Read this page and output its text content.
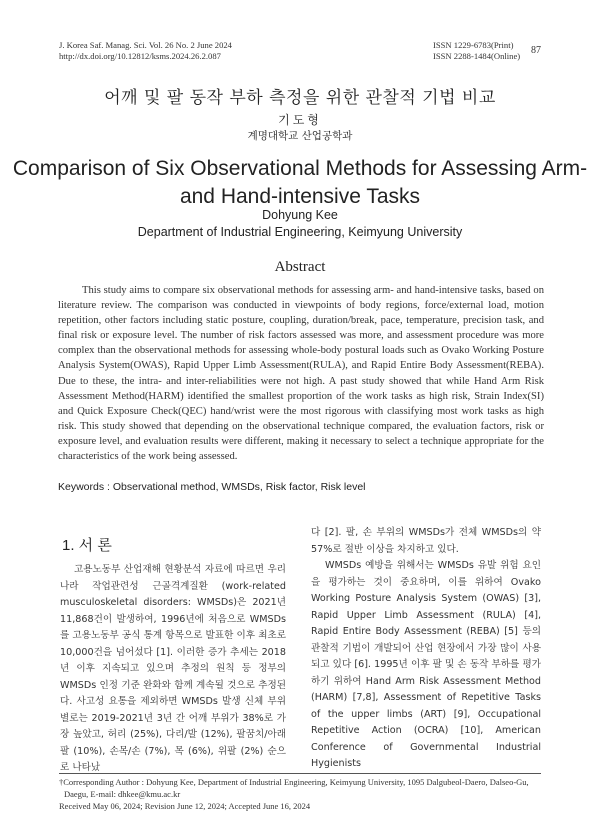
J. Korea Saf. Manag. Sci. Vol. 26 No. 2 June 2024
http://dx.doi.org/10.12812/ksms.2024.26.2.087
ISSN 1229-6783(Print)
ISSN 2288-1484(Online) 87
어깨 및 팔 동작 부하 측정을 위한 관찰적 기법 비교
기도형
계명대학교 산업공학과
Comparison of Six Observational Methods for Assessing Arm-
and Hand-intensive Tasks
Dohyung Kee
Department of Industrial Engineering, Keimyung University
Abstract
This study aims to compare six observational methods for assessing arm- and hand-intensive tasks, based on literature review. The comparison was conducted in viewpoints of body regions, force/external load, motion repetition, other factors including static posture, coupling, duration/break, pace, temperature, precision task, and final risk or exposure level. The number of risk factors assessed was more, and assessment procedure was more complex than the observational methods for assessing whole-body postural loads such as Ovako Working Posture Analysis System(OWAS), Rapid Upper Limb Assessment(RULA), and Rapid Entire Body Assessment(REBA). Due to these, the intra- and inter-reliabilities were not high. A past study showed that while Hand Arm Risk Assessment Method(HARM) identified the smallest proportion of the work tasks as high risk, Strain Index(SI) and Quick Exposure Check(QEC) hand/wrist were the most rigorous with classifying most work tasks as high risk. This study showed that depending on the observational technique compared, the evaluation factors, risk or exposure level, and evaluation results were different, making it necessary to select a technique appropriate for the characteristics of the work being assessed.
Keywords : Observational method, WMSDs, Risk factor, Risk level
1. 서 론

고용노동부 산업재해 현황분석 자료에 따르면 우리나라 작업관련성 근골격계질환 (work-related musculoskeletal disorders: WMSDs)은 2021년 11,868건이 발생하여, 1996년에 처음으로 WMSDs를 고용노동부 공식 통계 항목으로 발표한 이후 최초로 10,000건을 넘어섰다 [1]. 이러한 증가 추세는 2018년 이후 지속되고 있으며 추정의 원칙 등 정부의 WMSDs 인정 기준 완화와 함께 계속될 것으로 추정된다. 사고성 요통을 제외하면 WMSDs 발생 신체 부위별로는 2019-2021년 3년 간 어깨 부위가 38%로 가장 높았고, 허리 (25%), 다리/발 (12%), 팔꿈치/아래팔 (10%), 손목/손 (7%), 목 (6%), 위팔 (2%) 순으로 나타났

다 [2]. 팔, 손 부위의 WMSDs가 전체 WMSDs의 약 57%로 절반 이상을 차지하고 있다.

WMSDs 예방을 위해서는 WMSDs 유발 위험 요인을 평가하는 것이 중요하며, 이를 위하여 Ovako Working Posture Analysis System (OWAS) [3], Rapid Upper Limb Assessment (RULA) [4], Rapid Entire Body Assessment (REBA) [5] 등의 관찰적 기법이 개발되어 산업 현장에서 가장 많이 사용되고 있다 [6]. 1995년 이후 팔 및 손 동작 부하를 평가하기 위하여 Hand Arm Risk Assessment Method (HARM) [7,8], Assessment of Repetitive Tasks of the upper limbs (ART) [9], Occupational Repetitive Action (OCRA) [10], American Conference of Governmental Industrial Hygienists

†Corresponding Author : Dohyung Kee, Department of Industrial Engineering, Keimyung University, 1095 Dalgubeol-Daero, Dalseo-Gu,
Daegu, E-mail: dhkee@kmu.ac.kr
Received May 06, 2024; Revision June 12, 2024; Accepted June 16, 2024
